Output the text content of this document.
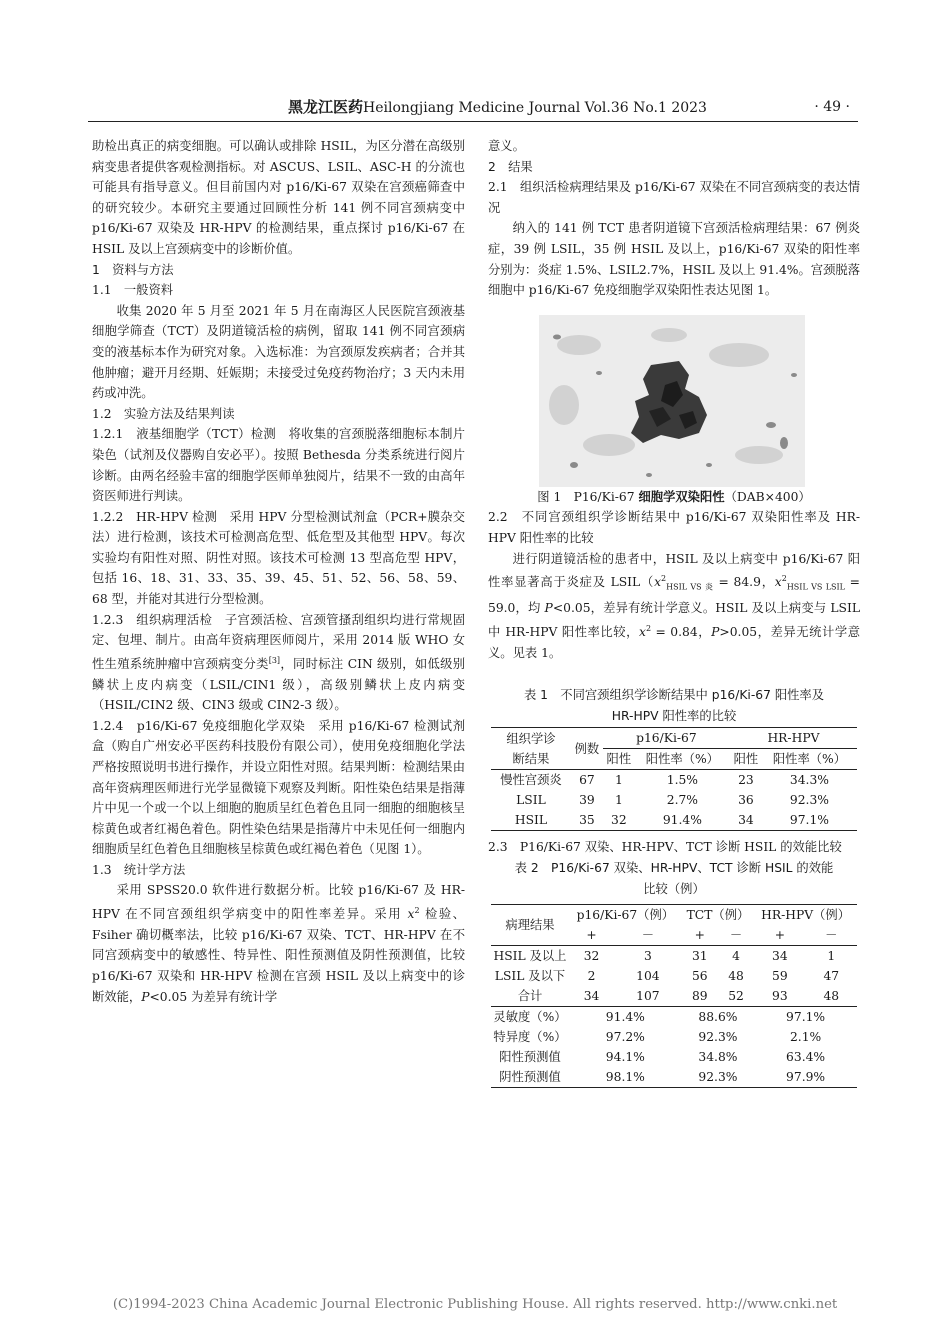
黑龙江医药Heilongjiang Medicine Journal Vol.36 No.1 2023	· 49 ·

助检出真正的病变细胞。可以确认或排除 HSIL，为区分潜在高级别病变患者提供客观检测指标。对 ASCUS、LSIL、ASC-H 的分流也可能具有指导意义。但目前国内对 p16/Ki-67 双染在宫颈癌筛查中的研究较少。本研究主要通过回顾性分析 141 例不同宫颈病变中 p16/Ki-67 双染及 HR-HPV 的检测结果，重点探讨 p16/Ki-67 在 HSIL 及以上宫颈病变中的诊断价值。

1　资料与方法

1.1　一般资料

收集 2020 年 5 月至 2021 年 5 月在南海区人民医院宫颈液基细胞学筛查（TCT）及阴道镜活检的病例，留取 141 例不同宫颈病变的液基标本作为研究对象。入选标准：为宫颈原发疾病者；合并其他肿瘤；避开月经期、妊娠期；未接受过免疫药物治疗；3 天内未用药或冲洗。

1.2　实验方法及结果判读

1.2.1　液基细胞学（TCT）检测　将收集的宫颈脱落细胞标本制片染色（试剂及仪器购自安必平）。按照 Bethesda 分类系统进行阅片诊断。由两名经验丰富的细胞学医师单独阅片，结果不一致的由高年资医师进行判读。

1.2.2　HR-HPV 检测　采用 HPV 分型检测试剂盒（PCR+膜杂交法）进行检测，该技术可检测高危型、低危型及其他型 HPV。每次实验均有阳性对照、阴性对照。该技术可检测 13 型高危型 HPV，包括 16、18、31、33、35、39、45、51、52、56、58、59、68 型，并能对其进行分型检测。

1.2.3　组织病理活检　子宫颈活检、宫颈管搔刮组织均进行常规固定、包埋、制片。由高年资病理医师阅片，采用 2014 版 WHO 女性生殖系统肿瘤中宫颈病变分类[3]，同时标注 CIN 级别，如低级别鳞状上皮内病变（LSIL/CIN1 级），高级别鳞状上皮内病变（HSIL/CIN2 级、CIN3 级或 CIN2-3 级）。

1.2.4　p16/Ki-67 免疫细胞化学双染　采用 p16/Ki-67 检测试剂盒（购自广州安必平医药科技股份有限公司），使用免疫细胞化学法严格按照说明书进行操作，并设立阳性对照。结果判断：检测结果由高年资病理医师进行光学显微镜下观察及判断。阳性染色结果是指薄片中见一个或一个以上细胞的胞质呈红色着色且同一细胞的细胞核呈棕黄色或者红褐色着色。阴性染色结果是指薄片中未见任何一细胞内细胞质呈红色着色且细胞核呈棕黄色或红褐色着色（见图 1）。

1.3　统计学方法

采用 SPSS20.0 软件进行数据分析。比较 p16/Ki-67 及 HR-HPV 在不同宫颈组织学病变中的阳性率差异。采用 $x^2$ 检验、Fsiher 确切概率法，比较 p16/Ki-67 双染、TCT、HR-HPV 在不同宫颈病变中的敏感性、特异性、阳性预测值及阴性预测值，比较 p16/Ki-67 双染和 HR-HPV 检测在宫颈 HSIL 及以上病变中的诊断效能，P<0.05 为差异有统计学

意义。

2　结果

2.1　组织活检病理结果及 p16/Ki-67 双染在不同宫颈病变的表达情况

纳入的 141 例 TCT 患者阴道镜下宫颈活检病理结果：67 例炎症，39 例 LSIL，35 例 HSIL 及以上，p16/Ki-67 双染的阳性率分别为：炎症 1.5%、LSIL2.7%，HSIL 及以上 91.4%。宫颈脱落细胞中 p16/Ki-67 免疫细胞学双染阳性表达见图 1。

图 1　P16/Ki-67 细胞学双染阳性（DAB×400）

2.2　不同宫颈组织学诊断结果中 p16/Ki-67 双染阳性率及 HR-HPV 阳性率的比较

进行阴道镜活检的患者中，HSIL 及以上病变中 p16/Ki-67 阳性率显著高于炎症及 $LSIL(x^2_{HSIL VS 炎} = 84.9$，$x^2_{HSIL VS LSIL} = 59.0$，均 P<0.05，差异有统计学意义。HSIL 及以上病变与 LSIL 中 HR-HPV 阳性率比较，$x^2 = 0.84$，P>0.05，差异无统计学意义。见表 1。

表 1　不同宫颈组织学诊断结果中 p16/Ki-67 阳性率及

HR-HPV 阳性率的比较

组织学诊
断结果	例数	p16/Ki-67		HR-HPV	
		阳性	阳性率（%）	阳性	阳性率（%）
慢性宫颈炎	67	1	1.5%	23	34.3%
LSIL	39	1	2.7%	36	92.3%
HSIL	35	32	91.4%	34	97.1%

2.3　P16/Ki-67 双染、HR-HPV、TCT 诊断 HSIL 的效能比较

表 2　P16/Ki-67 双染、HR-HPV、TCT 诊断 HSIL 的效能

比较（例）

病理结果	p16/Ki-67（例）		TCT（例）		HR-HPV（例）	
	+	－	+	－	+	－
HSIL 及以上	32	3	31	4	34	1
LSIL 及以下	2	104	56	48	59	47
合计	34	107	89	52	93	48
灵敏度（%）	91.4%		88.6%		97.1%	
特异度（%）	97.2%		92.3%		2.1%	
阳性预测值	94.1%		34.8%		63.4%	
阴性预测值	98.1%		92.3%		97.9%	
(C)1994-2023 China Academic Journal Electronic Publishing House. All rights reserved. http://www.cnki.net
